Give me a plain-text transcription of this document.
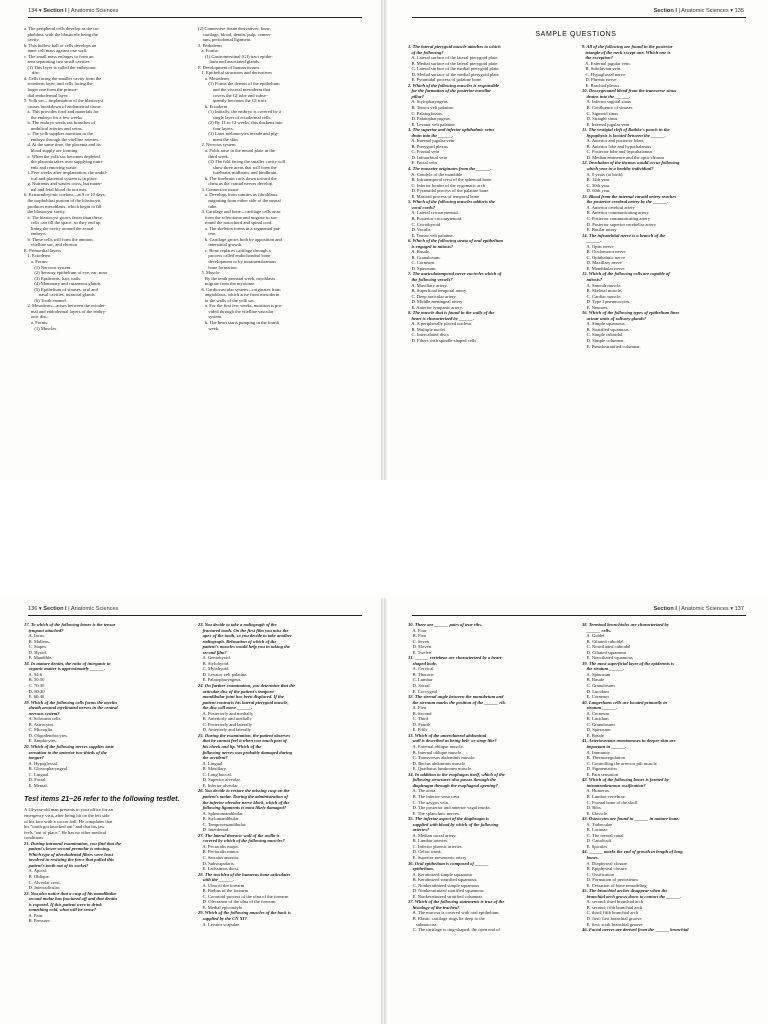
134 ▾ Section I | Anatomic Sciences
a. The peripheral cells develop as the tro-
phoblast, with the blastocele being the
cavity.
b. This hollow ball of cells develops an
inner cell mass against one wall.
c. The small mass enlarges to form an
area separating two small cavities.
(1) This layer is called the embryonic
disc.
d. Cells facing the smaller cavity form the
ectoderm layer, and cells facing the
larger one form the primor-
dial endodermal layer.
5. Yolk sac—implantation of the blastocyst
causes breakdown of endometrial tissue.
a. This provides food and materials for
the embryo for a few weeks.
b. The embryo sends out branches of
umbilical arteries and veins.
c. The yolk supplies nutrition to the
embryo through the vitelline arteries.
d. At the same time, the placenta and its
blood supply are forming.
e. When the yolk sac becomes depleted,
the placenta takes over supplying nutri-
ents and removing waste.
f. Five weeks after implantation, the umbil-
ical and placental system is in place.
g. Nutrients and wastes cross, but mater-
nal and fetal blood do not mix.
6. Extraembryonic coelom—at 9 or 10 days,
the trophoblast portion of the blastocyst
produces mesoblasts, which begin to fill
the blastocyst cavity.
a. The blastocyst grows faster than these
cells can fill the space, so they end up
lining the cavity around the actual
embryo.
b. These cells will form the amnion,
vitelline sac, and chorion.
E. Primordial layers
1. Ectoderm
a. Forms:
(1) Nervous system.
(2) Sensory epithelium of eye, ear, nose.
(3) Epidermis, hair, nails.
(4) Mammary and cutaneous glands.
(5) Epithelium of sinuses, oral and
nasal cavities, intraoral glands.
(6) Tooth enamel.
2. Mesoderm—arises between the ectoder-
mal and endodermal layers of the embry-
onic disc.
a. Forms:
(1) Muscles.
(2) Connective tissue derivatives: bone,
cartilage, blood, dentin, pulp, cemen-
tum, periodontal ligament.
3. Endoderm
a. Forms:
(1) Gastrointestinal (GI) tract epithe-
lium and associated glands.
F. Development of human tissues
1. Epithelial structures and derivatives
a. Mesoderm
(1) Forms the dermis of the epithelium
and the visceral mesoderm that
covers the GI tube and subse-
quently becomes the GI tract.
b. Ectoderm
(1) Initially, the embryo is covered by a
single layer of ectodermal cells.
(2) By 11 to 12 weeks, this thickens into
four layers.
(3) Later melanocytes invade and pig-
ment the skin.
2. Nervous system
a. Folds arise in the neural plate in the
third week.
(1) The fold facing the smaller cavity will
show three areas that will form the
forebrain, midbrain, and hindbrain.
b. The forebrain curls down toward the
chest as the cranial nerves develop.
3. Connective tissue
a. Develops from somites as fibroblasts
migrating from either side of the neural
tube.
4. Cartilage and bone—cartilage cells arise
from the sclerotome and migrate to sur-
round the notochord and spinal cord.
a. The skeleton forms in a segmental pat-
tern.
b. Cartilage grows both by apposition and
interstitial growth.
c. Bone replaces cartilage through a
process called endochondral bone
development or by intramembranous
bone formation.
5. Muscle
By the tenth prenatal week, myoblasts
migrate from the myotome.
6. Cardiovascular system—originates from
angioblasts, which arise from mesoderm
in the walls of the yolk sac.
a. For the first few weeks, nutrition is pro-
vided through the vitelline vascular
system.
b. The heart starts pumping in the fourth
week.
Section I | Anatomic Sciences ▾ 135
SAMPLE QUESTIONS
1. The lateral pterygoid muscle attaches to which
of the following?
A. Lateral surface of the lateral pterygoid plate.
B. Medial surface of the lateral pterygoid plate.
C. Lateral surface of the medial pterygoid plate.
D. Medial surface of the medial pterygoid plate.
E. Pyramidal process of palatine bone.
2. Which of the following muscles is responsible
for the formation of the posterior tonsillar
pillar?
A. Stylopharyngeus.
B. Tensor veli palatine.
C. Palatoglossus.
D. Palatopharyngeus.
E. Levator veli palatine.
3. The superior and inferior ophthalmic veins
drain into the ______.
A. Internal jugular vein
B. Pterygoid plexus
C. Frontal vein
D. Infraorbital vein
E. Facial vein
4. The masseter originates from the ______.
A. Condyle of the mandible
B. Infratemporal crest of the sphenoid bone
C. Inferior border of the zygomatic arch
D. Pyramidal process of the palatine bone
E. Mastoid process of temporal bone
5. Which of the following muscles adducts the
vocal cords?
A. Lateral cricoarytenoid.
B. Posterior cricoarytenoid.
C. Cricothyroid.
D. Vocalis.
E. Tensor veli palatine.
6. Which of the following strata of oral epithelium
is engaged in mitosis?
A. Basale.
B. Granulosum.
C. Corneum.
D. Spinosum.
7. The auriculotemporal nerve encircles which of
the following vessels?
A. Maxillary artery.
B. Superficial temporal artery.
C. Deep auricular artery.
D. Middle meningeal artery.
E. Anterior tympanic artery.
8. The muscle that is found in the walls of the
heart is characterized by ______.
A. A peripherally placed nucleus
B. Multiple nuclei
C. Intercalated discs
D. Fibers with spindle-shaped cells
9. All of the following are found in the posterior
triangle of the neck except one. Which one is
the exception?
A. External jugular vein.
B. Subclavian vein.
C. Hypoglossal nerve.
D. Phrenic nerve.
E. Brachial plexus.
10. Deoxygenated blood from the transverse sinus
drains into the ______.
A. Inferior sagittal sinus
B. Confluence of sinuses
C. Sigmoid sinus
D. Straight sinus
E. Internal jugular vein
11. The vestigial cleft of Rathke's pouch in the
hypophysis is located between the ______.
A. Anterior and posterior lobes
B. Anterior lobe and hypothalamus
C. Posterior lobe and hypothalamus
D. Median eminence and the optic chiasm
12. Involution of the thymus would occur following
which year in a healthy individual?
A. 0 years (at birth).
B. 12th year.
C. 30th year.
D. 60th year.
13. Blood from the internal carotid artery reaches
the posterior cerebral artery by the ______.
A. Anterior cerebral artery
B. Anterior communicating artery
C. Posterior communicating artery
D. Posterior superior cerebellar artery
E. Basilar artery
14. The infraorbital nerve is a branch of the
______.
A. Optic nerve
B. Oculomotor nerve
C. Ophthalmic nerve
D. Maxillary nerve
E. Mandibular nerve
15. Which of the following cells are capable of
mitosis?
A. Smooth muscle.
B. Skeletal muscle.
C. Cardiac muscle.
D. Type I pneumocytes.
E. Neurons.
16. Which of the following types of epithelium lines
acinar units of salivary glands?
A. Simple squamous.
B. Stratified squamous.
C. Simple cuboidal.
D. Simple columnar.
E. Pseudostratified columnar.
136 ▾ Section I | Anatomic Sciences
17. To which of the following bones is the tensor
tympani attached?
A. Incus.
B. Malleus.
C. Stapes.
D. Hyoid.
E. Mandible.
18. In mature dentin, the ratio of inorganic to
organic matter is approximately ______.
A. 94:6
B. 50:50
C. 70:30
D. 80:20
E. 60:40
19. Which of the following cells forms the myelin
sheath around myelinated nerves in the central
nervous system?
A. Schwann cells.
B. Astrocytes.
C. Microglia.
D. Oligodendrocytes.
E. Amphicytes.
20. Which of the following nerves supplies taste
sensation to the anterior two-thirds of the
tongue?
A. Hypoglossal.
B. Glossopharyngeal.
C. Lingual.
D. Facial.
E. Mental.
Test items 21–26 refer to the following testlet.
A 24-year-old man presents to your office for an
emergency visit, after being hit on the left side
of his face with a soccer ball. He complains that
his "tooth got knocked out" and that his jaw
feels "out of place." He has no other medical
conditions.
21. During intraoral examination, you find that the
patient's lower second premolar is missing.
Which type of alveolodental fibers were least
involved in resisting the force that pulled this
patient's tooth out of its socket?
A. Apical.
B. Oblique.
C. Alveolar crest.
D. Interradicular.
22. You also notice that a cusp of his mandibular
second molar has fractured off and that dentin
is exposed. If this patient were to drink
something cold, what will he sense?
A. Pain.
B. Pressure.
23. You decide to take a radiograph of the
fractured tooth. On the first film you miss the
apex of the tooth, so you decide to take another
radiograph. Relaxation of which of the
patient's muscles would help you in taking the
second film?
A. Geniohyoid.
B. Stylohyoid.
C. Mylohyoid.
D. Levator veli palatine.
E. Palatopharyngeus.
24. On further examination, you determine that the
articular disc of the patient's temporo-
mandibular joint has been displaced. If the
patient contracts his lateral pterygoid muscle,
the disc will move ______.
A. Posteriorly and medially
B. Anteriorly and medially
C. Posteriorly and laterally
D. Anteriorly and laterally
25. During the examination, the patient observes
that he cannot feel it when you touch part of
his cheek and lip. Which of the
following nerves was probably damaged during
the accident?
A. Lingual.
B. Maxillary.
C. Long buccal.
D. Superior alveolar.
E. Inferior alveolar.
26. You decide to restore the missing cusp on the
patient's molar. During the administration of
the inferior alveolar nerve block, which of the
following ligaments is most likely damaged?
A. Sphenomandibular.
B. Stylomandibular.
C. Temporomandibular.
D. Interdental.
27. The lateral thoracic wall of the axilla is
covered by which of the following muscles?
A. Pectoralis major.
B. Pectoralis minor.
C. Serratus anterior.
D. Subscapularis.
E. Latissimus dorsi.
28. The trochlea of the humerus bone articulates
with the ______.
A. Ulna of the forearm
B. Radius of the forearm
C. Coronoid process of the ulna of the forearm
D. Olecranon of the ulna of the forearm
E. Medial epicondyle
29. Which of the following muscles of the back is
supplied by the CN XI?
A. Levator scapulae.
Section I | Anatomic Sciences ▾ 137
30. There are ______ pairs of true ribs.
A. Four
B. Five
C. Seven
D. Eleven
E. Twelve
31. ______ vertebrae are characterized by a heart-
shaped body.
A. Cervical
B. Thoracic
C. Lumbar
D. Sacral
E. Coccygeal
32. The sternal angle between the manubrium and
the sternum marks the position of the ______ rib.
A. First
B. Second
C. Third
D. Fourth
E. Fifth
33. Which of the anterolateral abdominal
wall is described as being belt- or strap-like?
A. External oblique muscle.
B. Internal oblique muscle.
C. Transversus abdominis muscle.
D. Rectus abdominis muscle.
E. Quadratus lumborum muscle.
34. In addition to the esophagus itself, which of the
following structures also passes through the
diaphragm through the esophageal opening?
A. The aorta.
B. The inferior vena cava.
C. The azygos vein.
D. The posterior and anterior vagal trunks.
E. The splanchnic nerves.
35. The inferior aspect of the diaphragm is
supplied with blood by which of the following
arteries?
A. Median sacral artery.
B. Lumbar arteries.
C. Inferior phrenic arteries.
D. Celiac trunk.
E. Superior mesenteric artery.
36. Oral epithelium is composed of ______
epithelium.
A. Keratinized simple squamous
B. Keratinized stratified squamous
C. Nonkeratinized simple squamous
D. Nonkeratinized stratified squamous
E. Nonkeratinized stratified columnar
37. Which of the following statements is true of the
histology of the trachea?
A. The mucosa is covered with oral epithelium.
B. Elastic cartilage rings lie deep to the
submucosa.
C. The cartilage is ring-shaped; the open end of
38. Terminal bronchioles are characterized by
______ cells.
A. Goblet
B. Ciliated cuboidal
C. Nonciliated cuboidal
D. Ciliated squamous
E. Nonciliated squamous
39. The most superficial layer of the epidermis is
the stratum ______.
A. Spinosum
B. Basale
C. Granulosum
D. Lucidum
E. Corneum
40. Langerhans cells are located primarily in
stratum ______.
A. Corneum
B. Lucidum
C. Granulosum
D. Spinosum
E. Basale
41. Arteriovenous anastomoses in deeper skin are
important in ______.
A. Immunity
B. Thermoregulation
C. Controlling the arrector pili muscle
D. Pigmentation
E. Pain sensation
42. Which of the following bones is formed by
intramembranous ossification?
A. Humerus.
B. Lumbar vertebrae.
C. Frontal bone of the skull.
D. Ribs.
E. Clavicle.
43. Osteocytes are found in ______ in mature bone.
A. Trabeculae
B. Lacunae
C. The central canal
D. Canaliculi
E. Spicules
44. ______ marks the end of growth in length of long
bones.
A. Diaphyseal closure
B. Epiphyseal closure
C. Ossification
D. Formation of periosteum
E. Cessation of bone remodeling
45. The branchial arches disappear when the
branchial arch grows down to contact the ______.
A. second; third branchial arch
B. second; fifth branchial arch
C. third; fifth branchial arch
D. first; first branchial groove
E. first; sixth branchial groove
46. Facial nerves are derived from the ______ branchial
